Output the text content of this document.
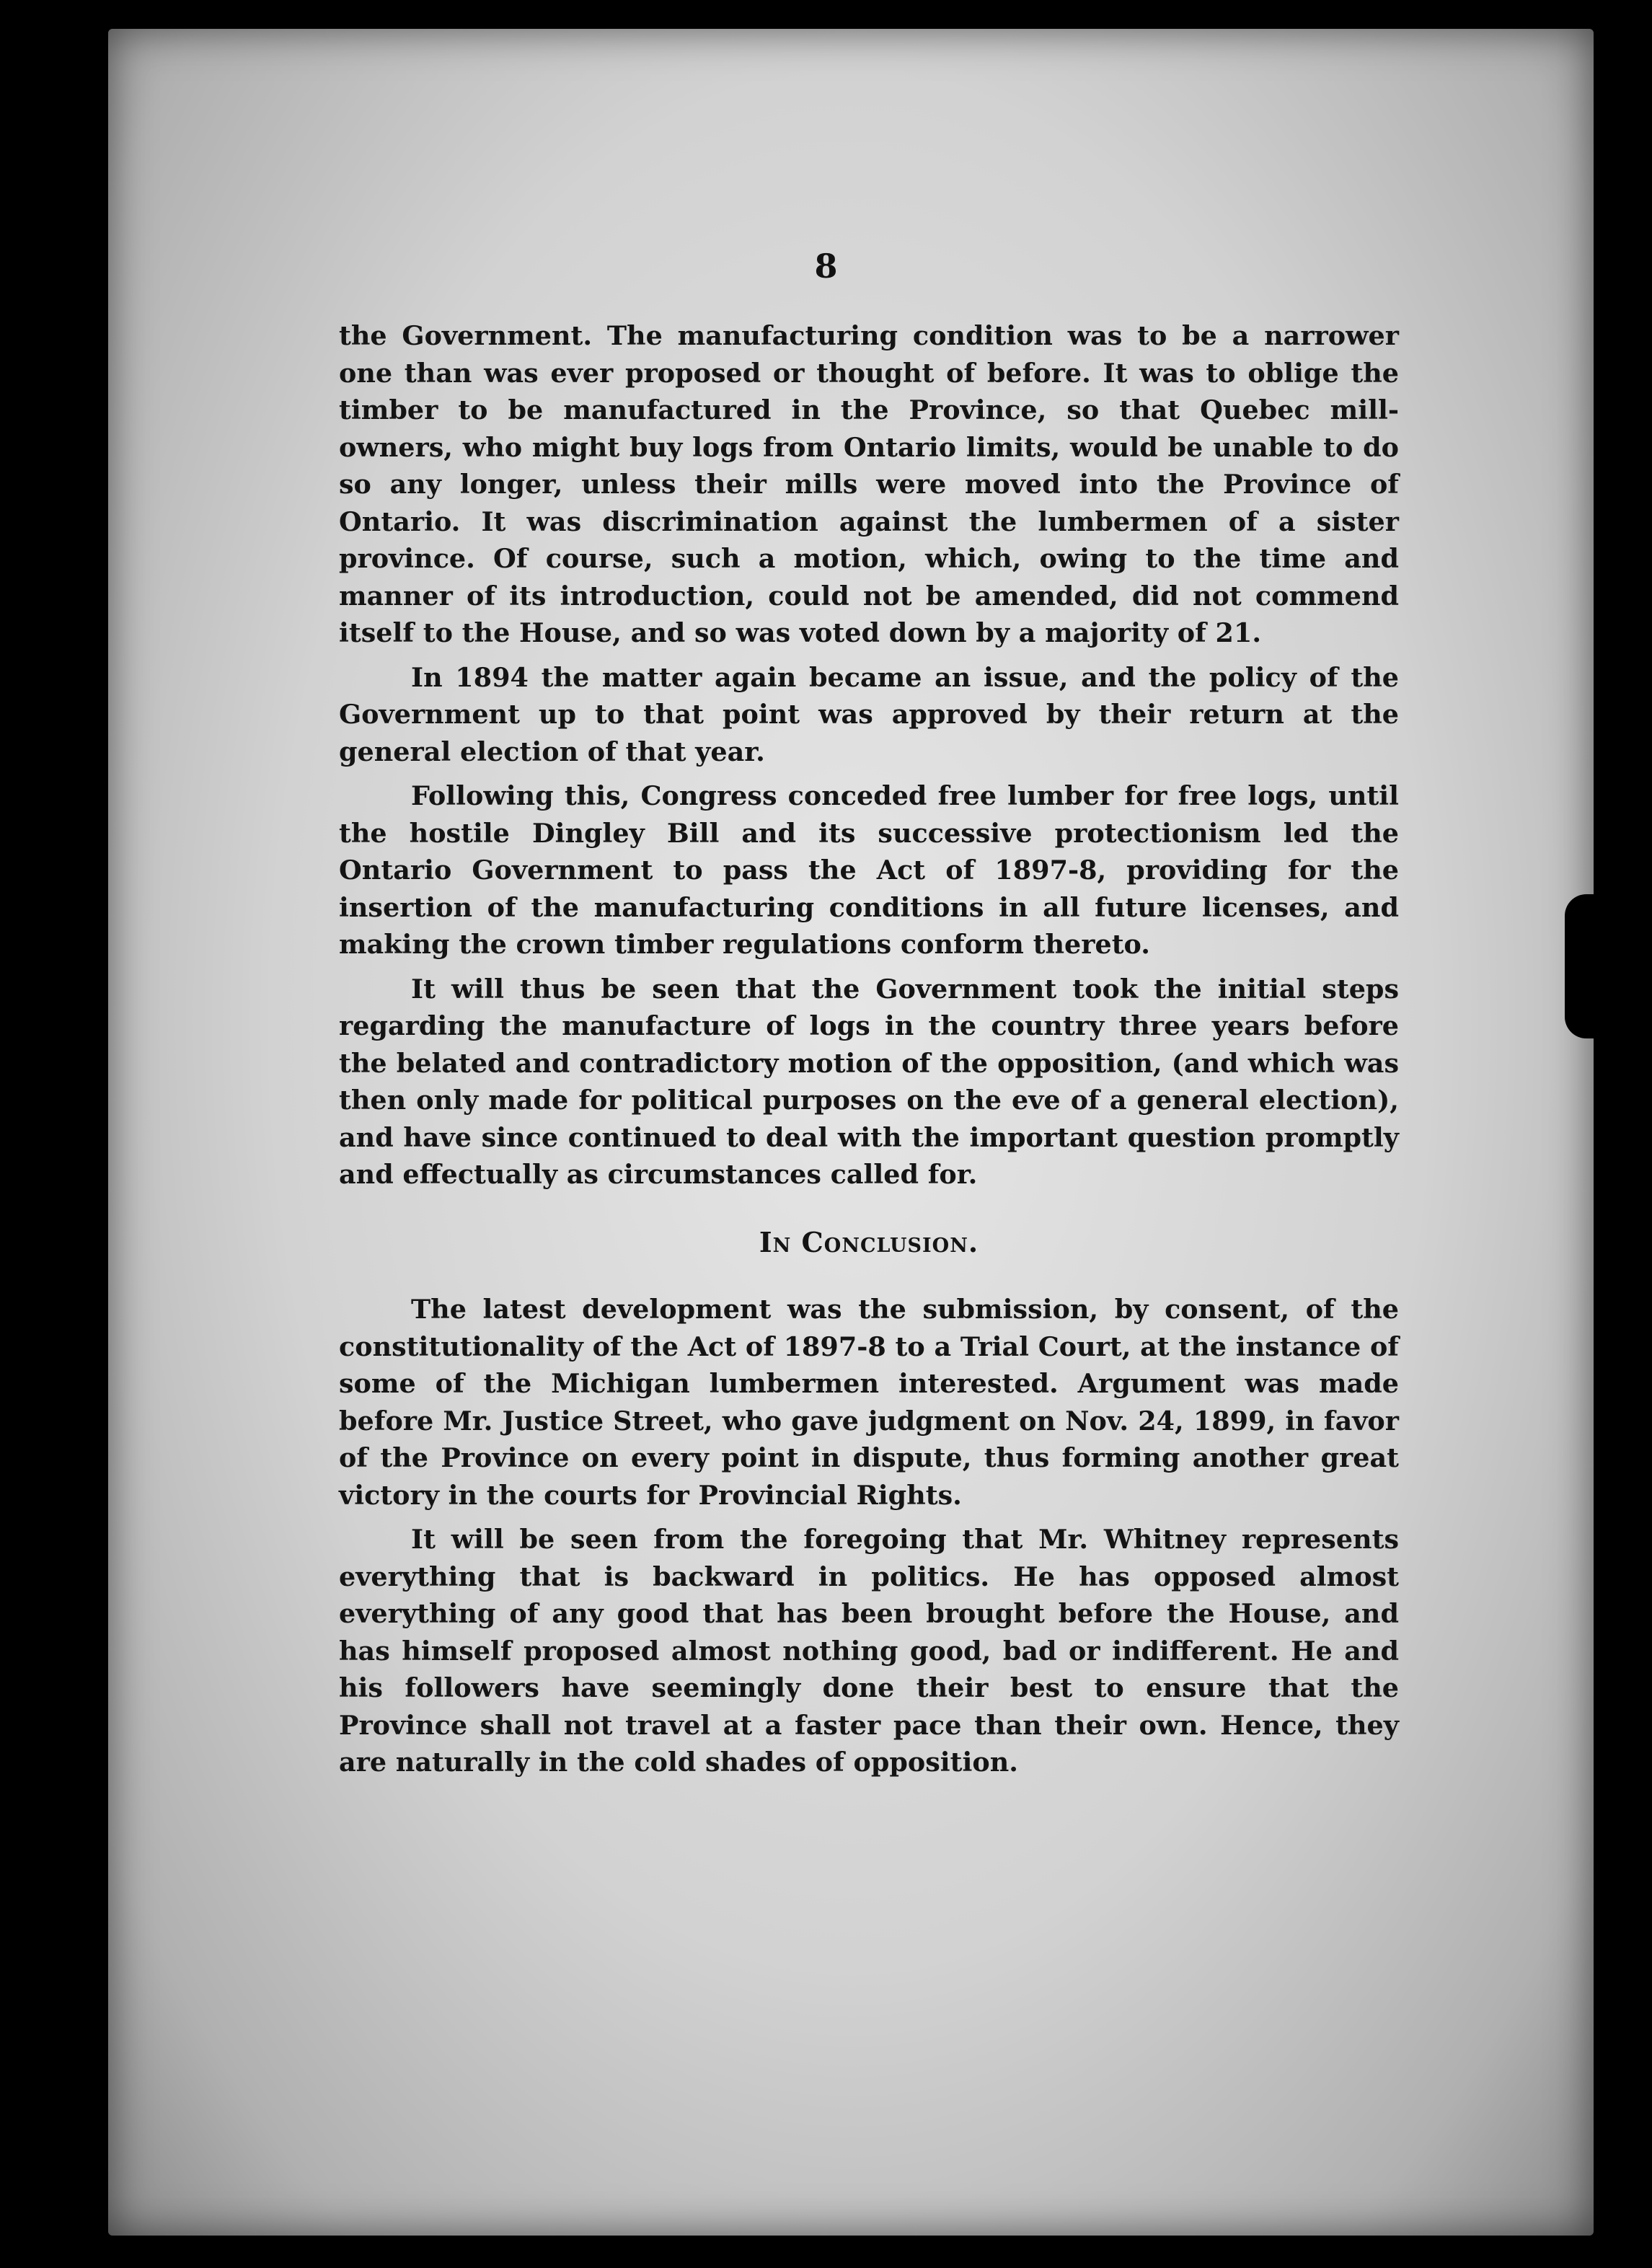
8

the Government. The manufacturing condition was to be a narrower one than was ever proposed or thought of before. It was to oblige the timber to be manufactured in the Province, so that Quebec mill-owners, who might buy logs from Ontario limits, would be unable to do so any longer, unless their mills were moved into the Province of Ontario. It was discrimination against the lumbermen of a sister province. Of course, such a motion, which, owing to the time and manner of its introduction, could not be amended, did not commend itself to the House, and so was voted down by a majority of 21.

In 1894 the matter again became an issue, and the policy of the Government up to that point was approved by their return at the general election of that year.

Following this, Congress conceded free lumber for free logs, until the hostile Dingley Bill and its successive protectionism led the Ontario Government to pass the Act of 1897-8, providing for the insertion of the manufacturing conditions in all future licenses, and making the crown timber regulations conform thereto.

It will thus be seen that the Government took the initial steps regarding the manufacture of logs in the country three years before the belated and contradictory motion of the opposition, (and which was then only made for political purposes on the eve of a general election), and have since continued to deal with the important question promptly and effectually as circumstances called for.

In Conclusion.

The latest development was the submission, by consent, of the constitutionality of the Act of 1897-8 to a Trial Court, at the instance of some of the Michigan lumbermen interested. Argument was made before Mr. Justice Street, who gave judgment on Nov. 24, 1899, in favor of the Province on every point in dispute, thus forming another great victory in the courts for Provincial Rights.

It will be seen from the foregoing that Mr. Whitney represents everything that is backward in politics. He has opposed almost everything of any good that has been brought before the House, and has himself proposed almost nothing good, bad or indifferent. He and his followers have seemingly done their best to ensure that the Province shall not travel at a faster pace than their own. Hence, they are naturally in the cold shades of opposition.
